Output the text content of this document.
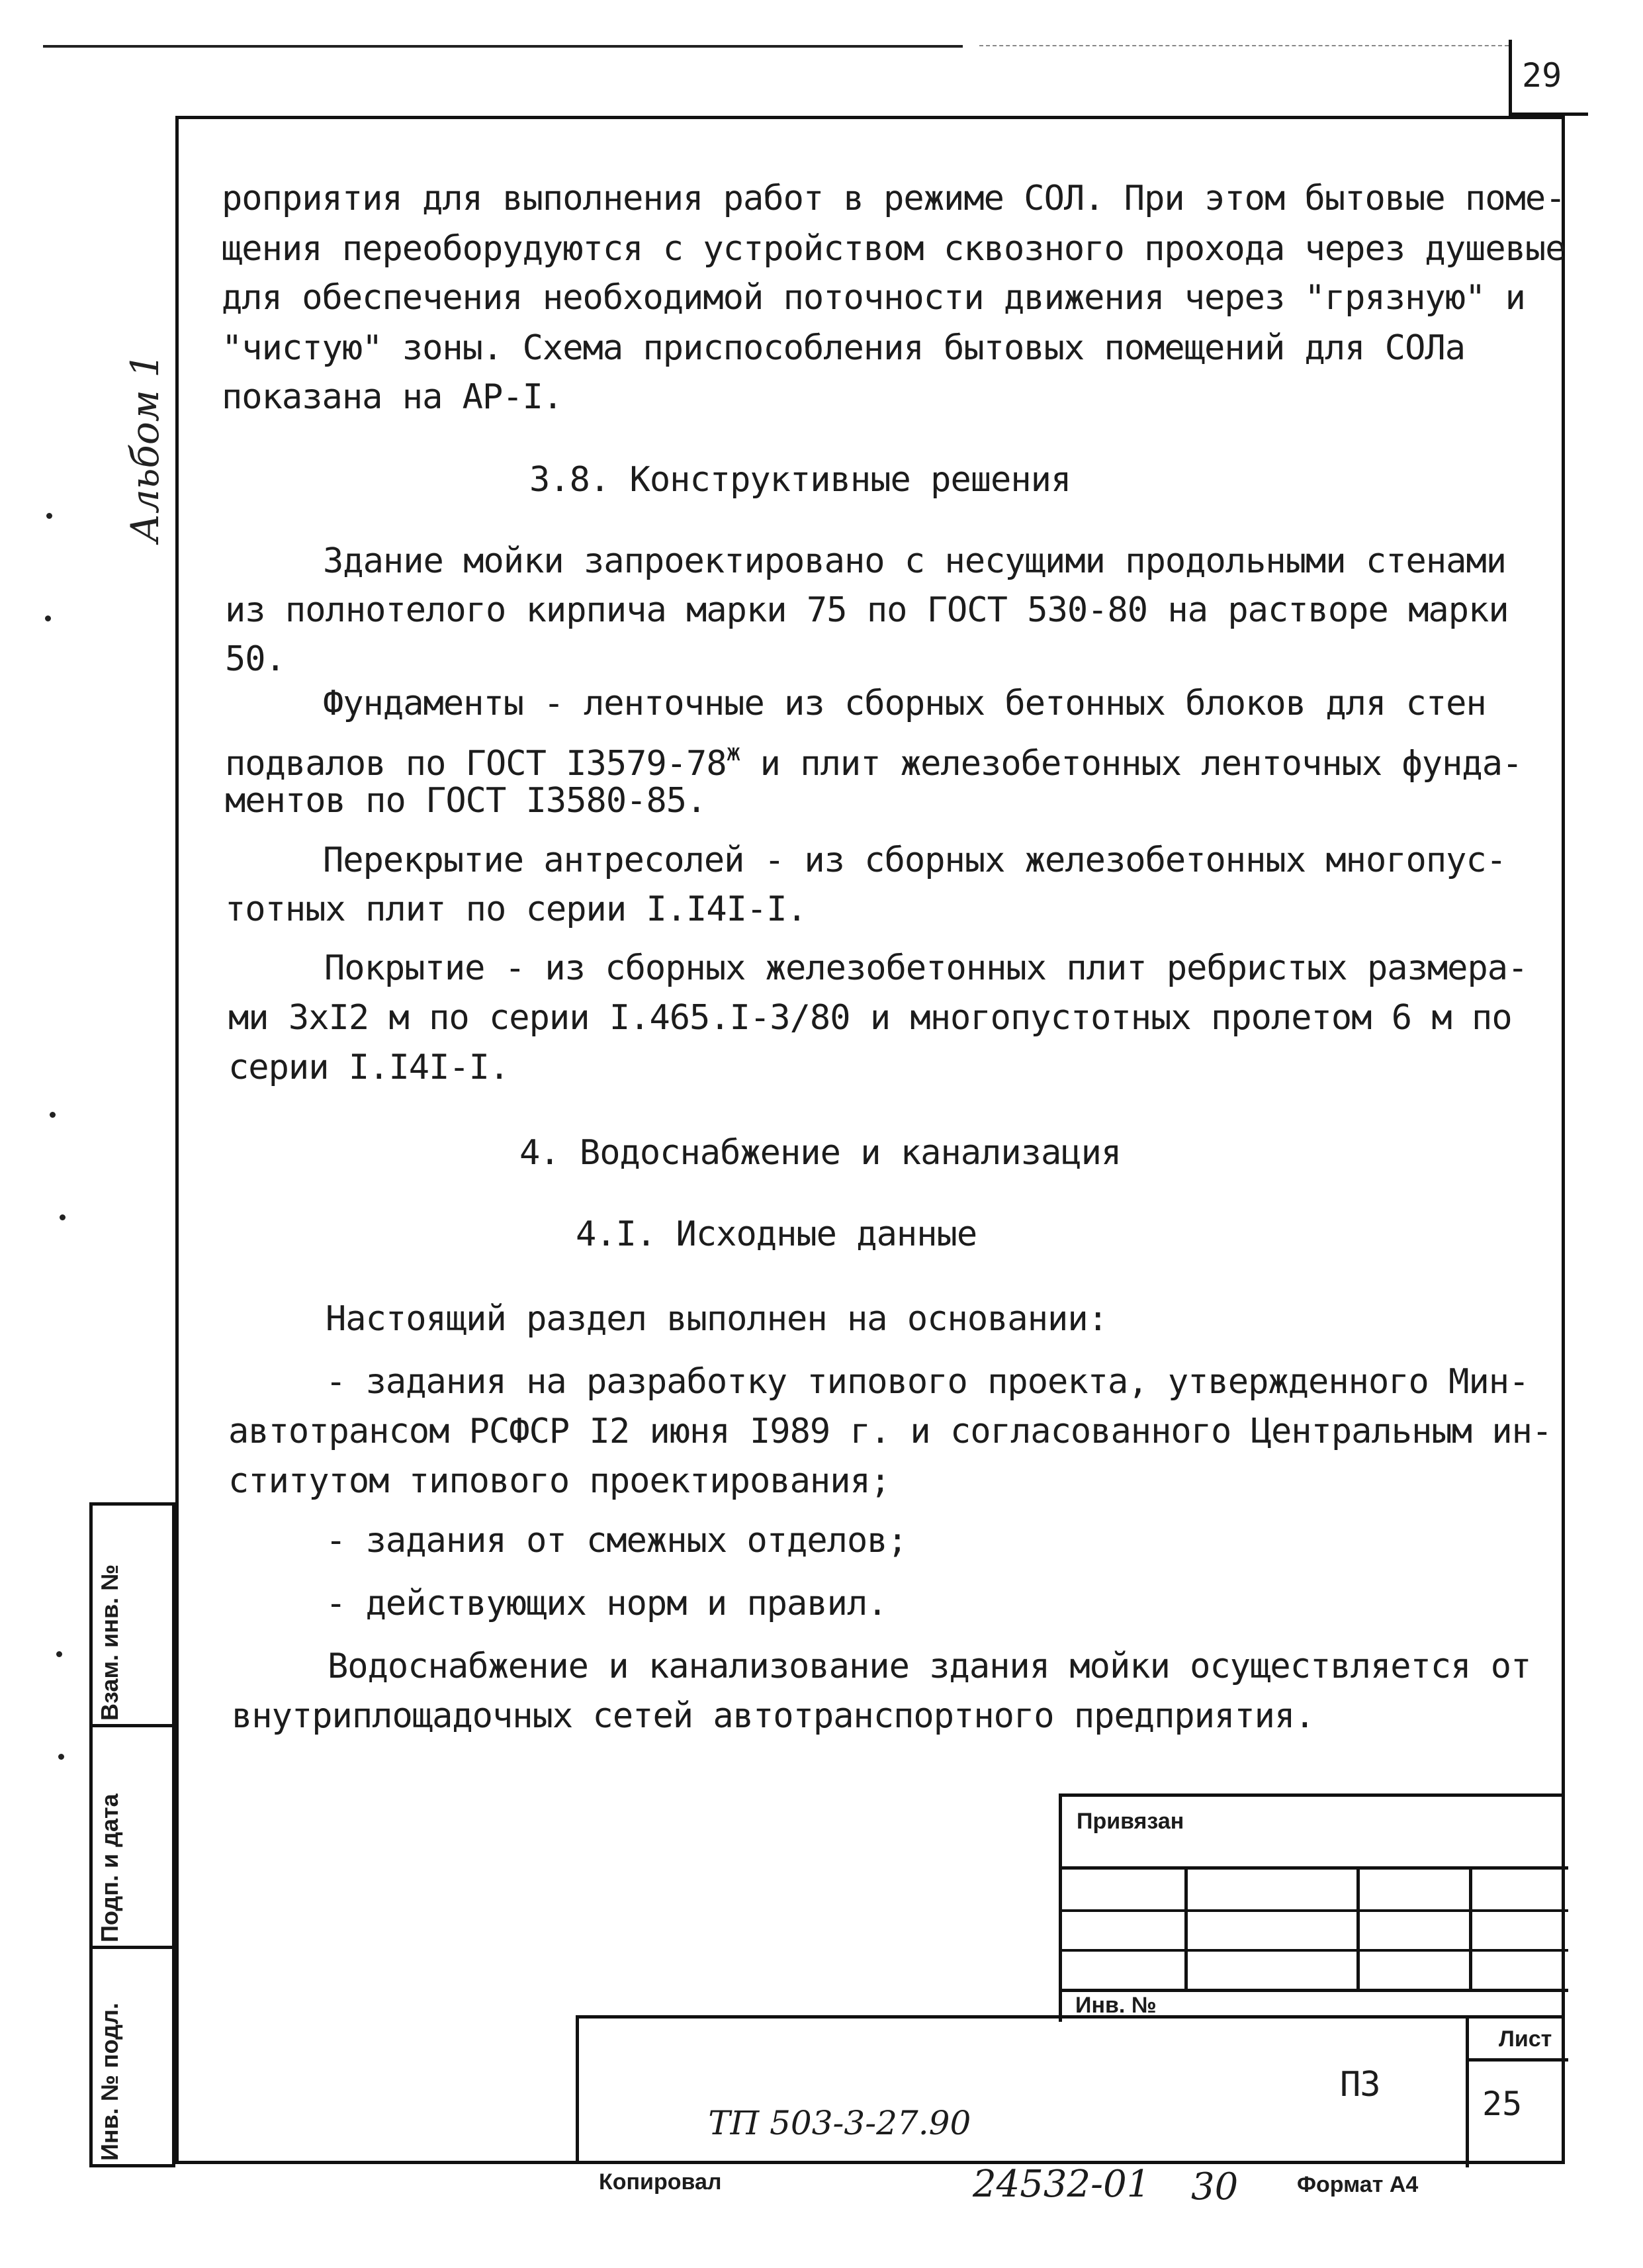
29
Альбом 1
роприятия для выполнения работ в режиме СОЛ. При этом бытовые поме-
щения переоборудуются с устройством сквозного прохода через душевые
для обеспечения необходимой поточности движения через "грязную" и
"чистую" зоны. Схема приспособления бытовых помещений для СОЛа
показана на АР-I.
3.8. Конструктивные решения
Здание мойки запроектировано с несущими продольными стенами
из полнотелого кирпича марки 75 по ГОСТ 530-80 на растворе марки
50.
Фундаменты - ленточные из сборных бетонных блоков для стен
подвалов по ГОСТ $I3579-78^ж$ и плит железобетонных ленточных фунда-
ментов по ГОСТ I3580-85.
Перекрытие антресолей - из сборных железобетонных многопус-
тотных плит по серии I.I4I-I.
Покрытие - из сборных железобетонных плит ребристых размера-
ми 3хI2 м по серии I.465.I-3/80 и многопустотных пролетом 6 м по
серии I.I4I-I.
4. Водоснабжение и канализация
4.I. Исходные данные
Настоящий раздел выполнен на основании:
- задания на разработку типового проекта, утвержденного Мин-
автотрансом РСФСР I2 июня I989 г. и согласованного Центральным ин-
ститутом типового проектирования;
- задания от смежных отделов;
- действующих норм и правил.
Водоснабжение и канализование здания мойки осуществляется от
внутриплощадочных сетей автотранспортного предприятия.
Взам. инв. №
Подп. и дата
Инв. № подл.
Привязан
Инв. №

ТП 503-3-27.90

ПЗ
Лист
25
Копировал	24532-01 30	Формат А4
